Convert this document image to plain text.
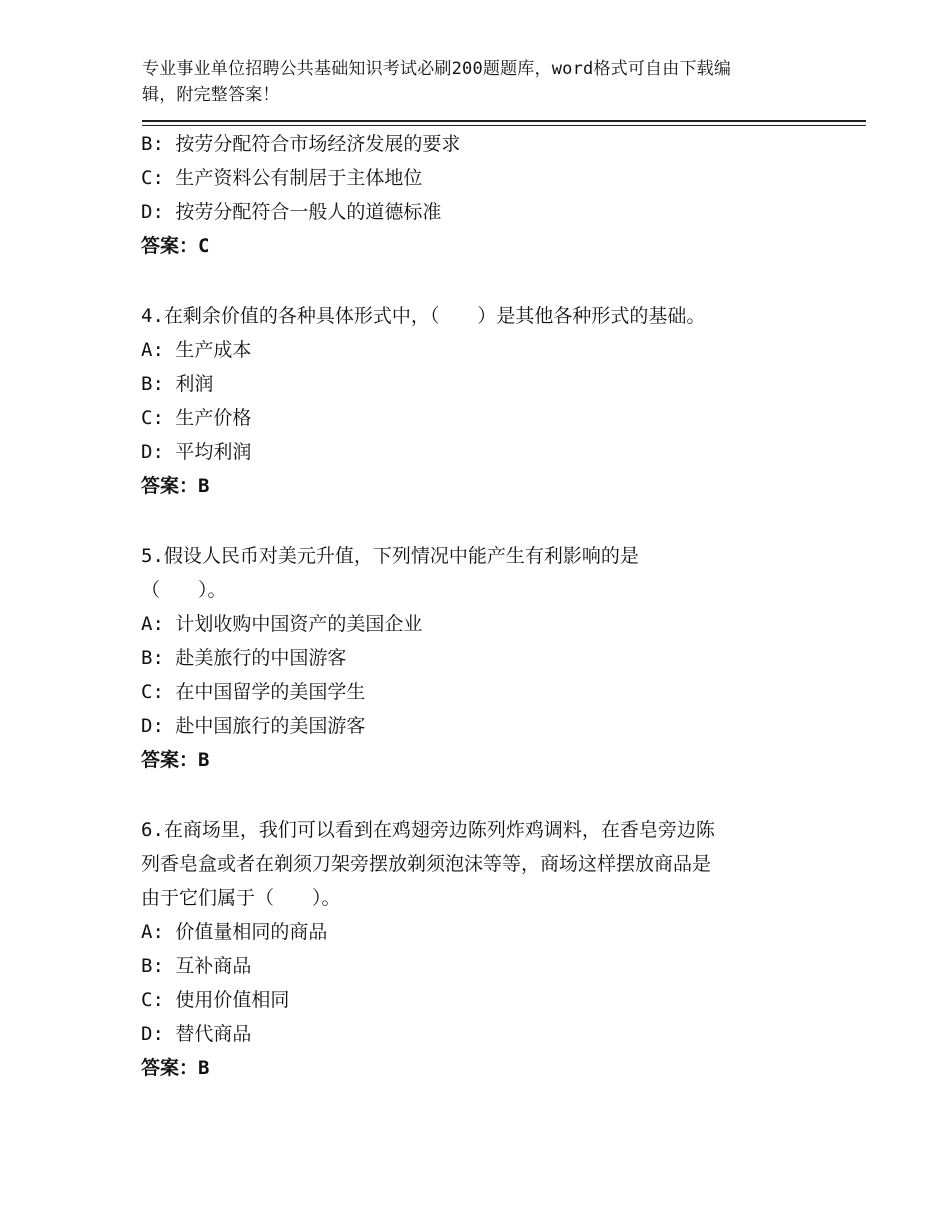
专业事业单位招聘公共基础知识考试必刷200题题库，word格式可自由下载编
辑，附完整答案！
B: 按劳分配符合市场经济发展的要求
C: 生产资料公有制居于主体地位
D: 按劳分配符合一般人的道德标准
答案：C
4.在剩余价值的各种具体形式中，（　　）是其他各种形式的基础。
A: 生产成本
B: 利润
C: 生产价格
D: 平均利润
答案：B
5.假设人民币对美元升值，下列情况中能产生有利影响的是
（　　）。
A: 计划收购中国资产的美国企业
B: 赴美旅行的中国游客
C: 在中国留学的美国学生
D: 赴中国旅行的美国游客
答案：B
6.在商场里，我们可以看到在鸡翅旁边陈列炸鸡调料，在香皂旁边陈
列香皂盒或者在剃须刀架旁摆放剃须泡沫等等，商场这样摆放商品是
由于它们属于（　　）。
A: 价值量相同的商品
B: 互补商品
C: 使用价值相同
D: 替代商品
答案：B
